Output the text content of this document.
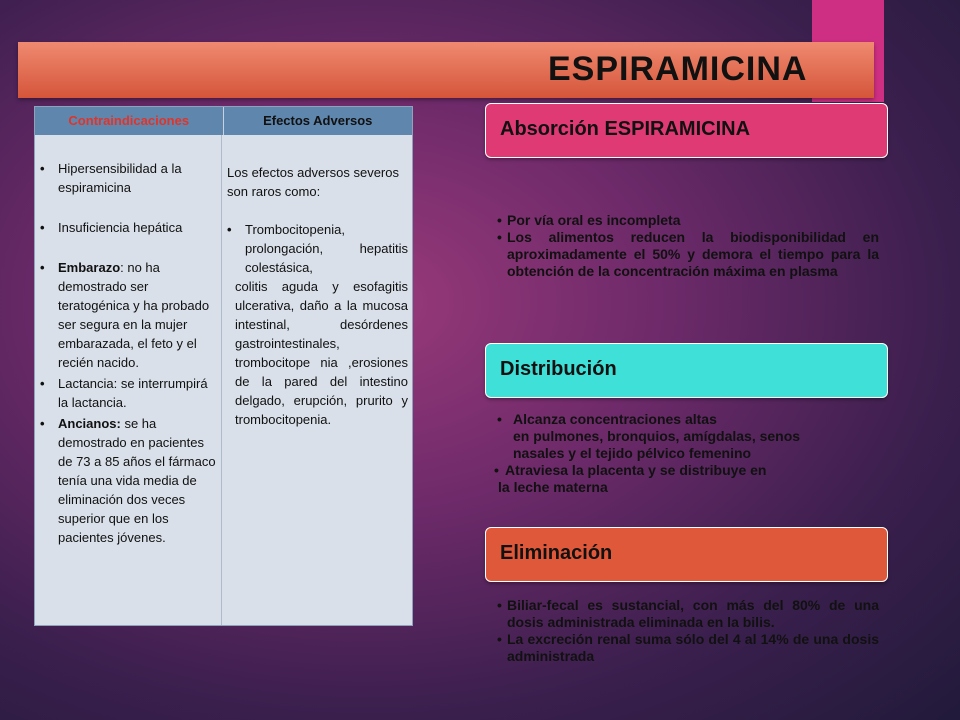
ESPIRAMICINA
Contraindicaciones	Efectos Adversos
• Hipersensibilidad a la espiramicina
• Insuficiencia hepática
• Embarazo: no ha demostrado ser teratogénica y ha probado ser segura en la mujer embarazada, el feto y el recién nacido.
• Lactancia: se interrumpirá la lactancia.
• Ancianos: se ha demostrado en pacientes de 73 a 85 años el fármaco tenía una vida media de eliminación dos veces superior que en los pacientes jóvenes.
Los efectos adversos severos son raros como:
• Trombocitopenia, prolongación, hepatitis colestásica,
colitis aguda y esofagitis ulcerativa, daño a la mucosa intestinal, desórdenes gastrointestinales, trombocitope nia ,erosiones de la pared del intestino delgado, erupción, prurito y trombocitopenia.
Absorción ESPIRAMICINA
• Por vía oral es incompleta
• Los alimentos reducen la biodisponibilidad en aproximadamente el 50% y demora el tiempo para la obtención de la concentración máxima en plasma
Distribución
• Alcanza concentraciones altas
en pulmones, bronquios, amígdalas, senos
nasales y el tejido pélvico femenino
• Atraviesa la placenta y se distribuye en
la leche materna
Eliminación
• Biliar-fecal es sustancial, con más del 80% de una dosis administrada eliminada en la bilis.
• La excreción renal suma sólo del 4 al 14% de una dosis administrada
